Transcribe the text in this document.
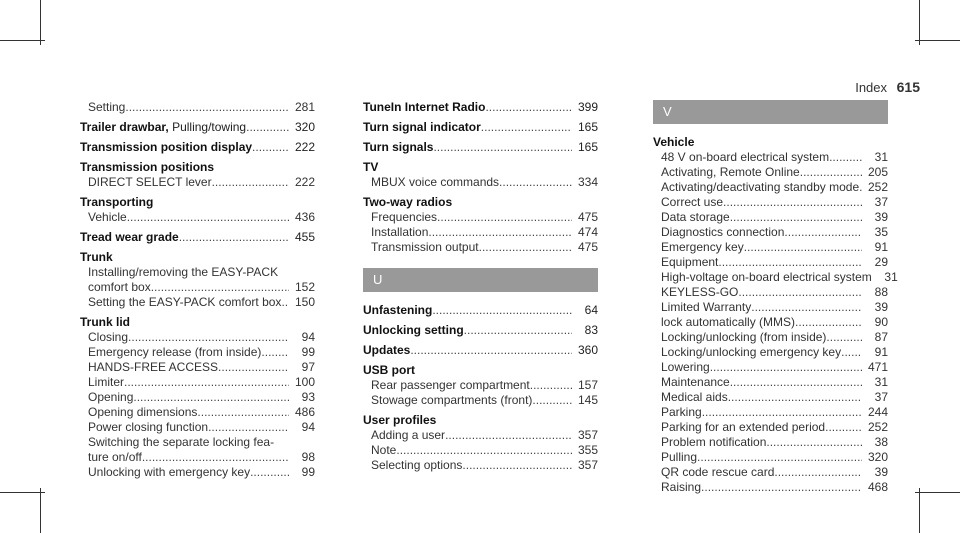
Index 615
Setting .....	281
Trailer drawbar, Pulling/towing .....	320
Transmission position display .....	222
Transmission positions
DIRECT SELECT lever .....	222
Transporting
Vehicle .....	436
Tread wear grade .....	455
Trunk
Installing/removing the EASY-PACK
comfort box .....	152
Setting the EASY-PACK comfort box .....	150
Trunk lid
Closing .....	94
Emergency release (from inside) .....	99
HANDS-FREE ACCESS .....	97
Limiter .....	100
Opening .....	93
Opening dimensions .....	486
Power closing function .....	94
Switching the separate locking fea-
ture on/off .....	98
Unlocking with emergency key .....	99
TuneIn Internet Radio .....	399
Turn signal indicator .....	165
Turn signals .....	165
TV
MBUX voice commands .....	334
Two-way radios
Frequencies .....	475
Installation .....	474
Transmission output .....	475
U
Unfastening .....	64
Unlocking setting .....	83
Updates .....	360
USB port
Rear passenger compartment .....	157
Stowage compartments (front) .....	145
User profiles
Adding a user .....	357
Note .....	355
Selecting options .....	357
V
Vehicle
48 V on-board electrical system .....	31
Activating, Remote Online .....	205
Activating/deactivating standby mode ..... 252
Correct use .....	37
Data storage .....	39
Diagnostics connection .....	35
Emergency key .....	91
Equipment .....	29
High-voltage on-board electrical system	31
KEYLESS-GO .....	88
Limited Warranty .....	39
lock automatically (MMS) .....	90
Locking/unlocking (from inside) .....	87
Locking/unlocking emergency key .....	91
Lowering .....	471
Maintenance .....	31
Medical aids .....	37
Parking .....	244
Parking for an extended period .....	252
Problem notification .....	38
Pulling .....	320
QR code rescue card .....	39
Raising .....	468
